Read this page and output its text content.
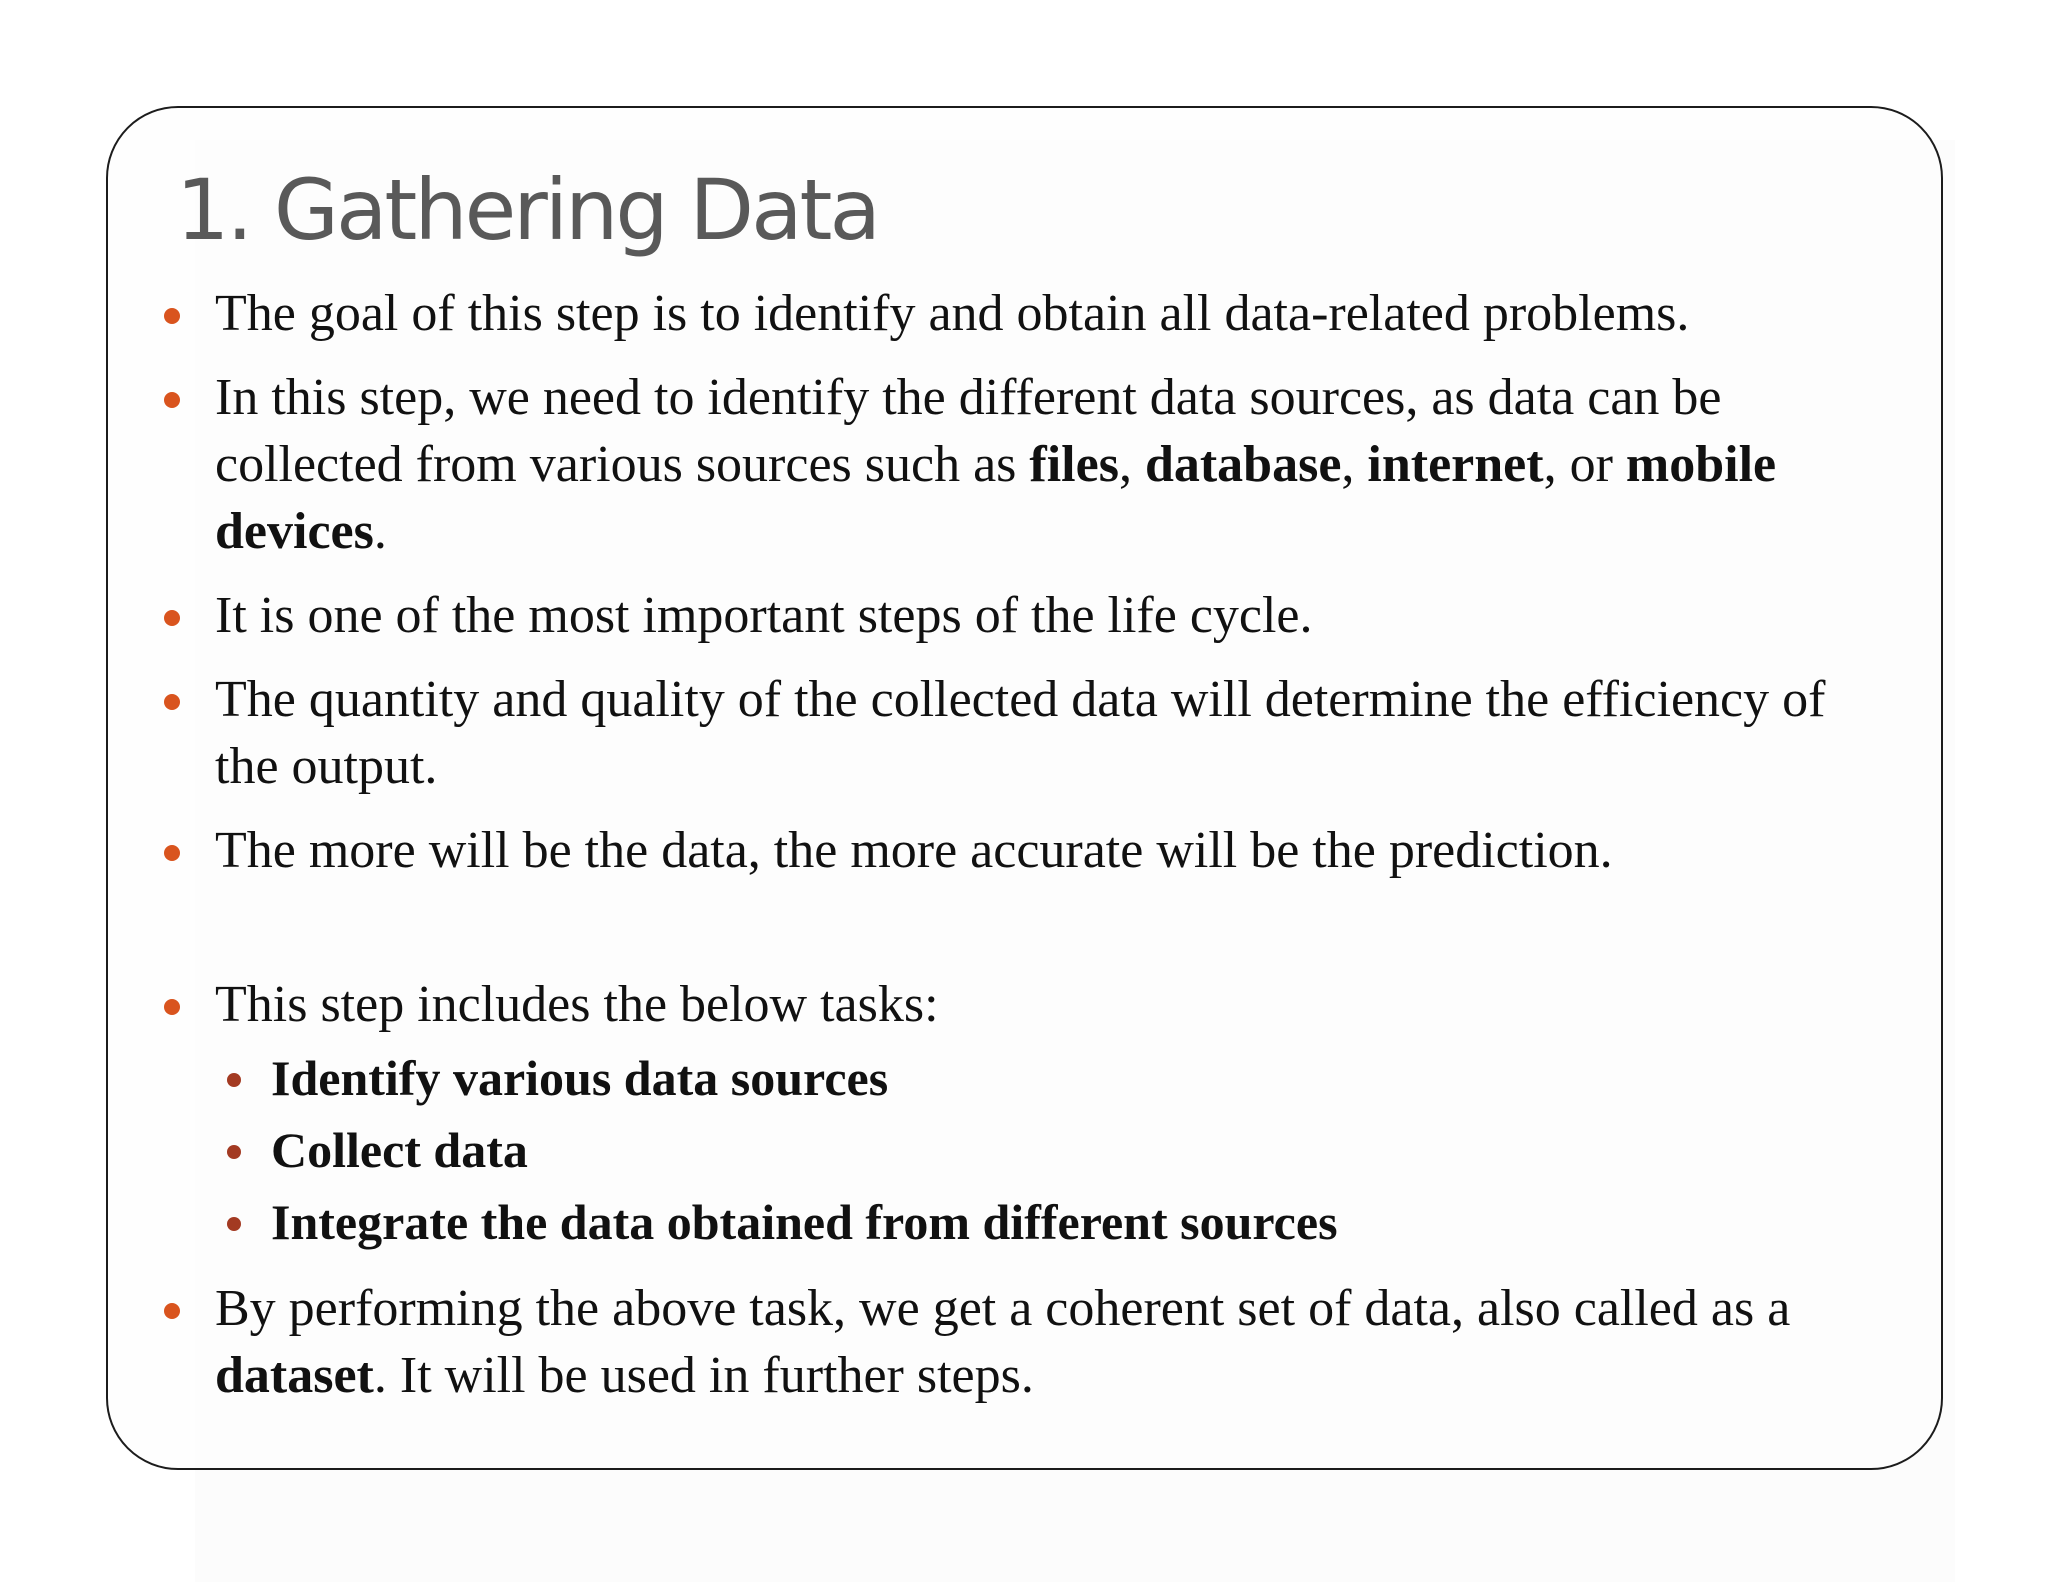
1. Gathering Data
The goal of this step is to identify and obtain all data-related problems.
In this step, we need to identify the different data sources, as data can be collected from various sources such as files, database, internet, or mobile devices.
It is one of the most important steps of the life cycle.
The quantity and quality of the collected data will determine the efficiency of the output.
The more will be the data, the more accurate will be the prediction.
This step includes the below tasks:
Identify various data sources
Collect data
Integrate the data obtained from different sources
By performing the above task, we get a coherent set of data, also called as a dataset. It will be used in further steps.
